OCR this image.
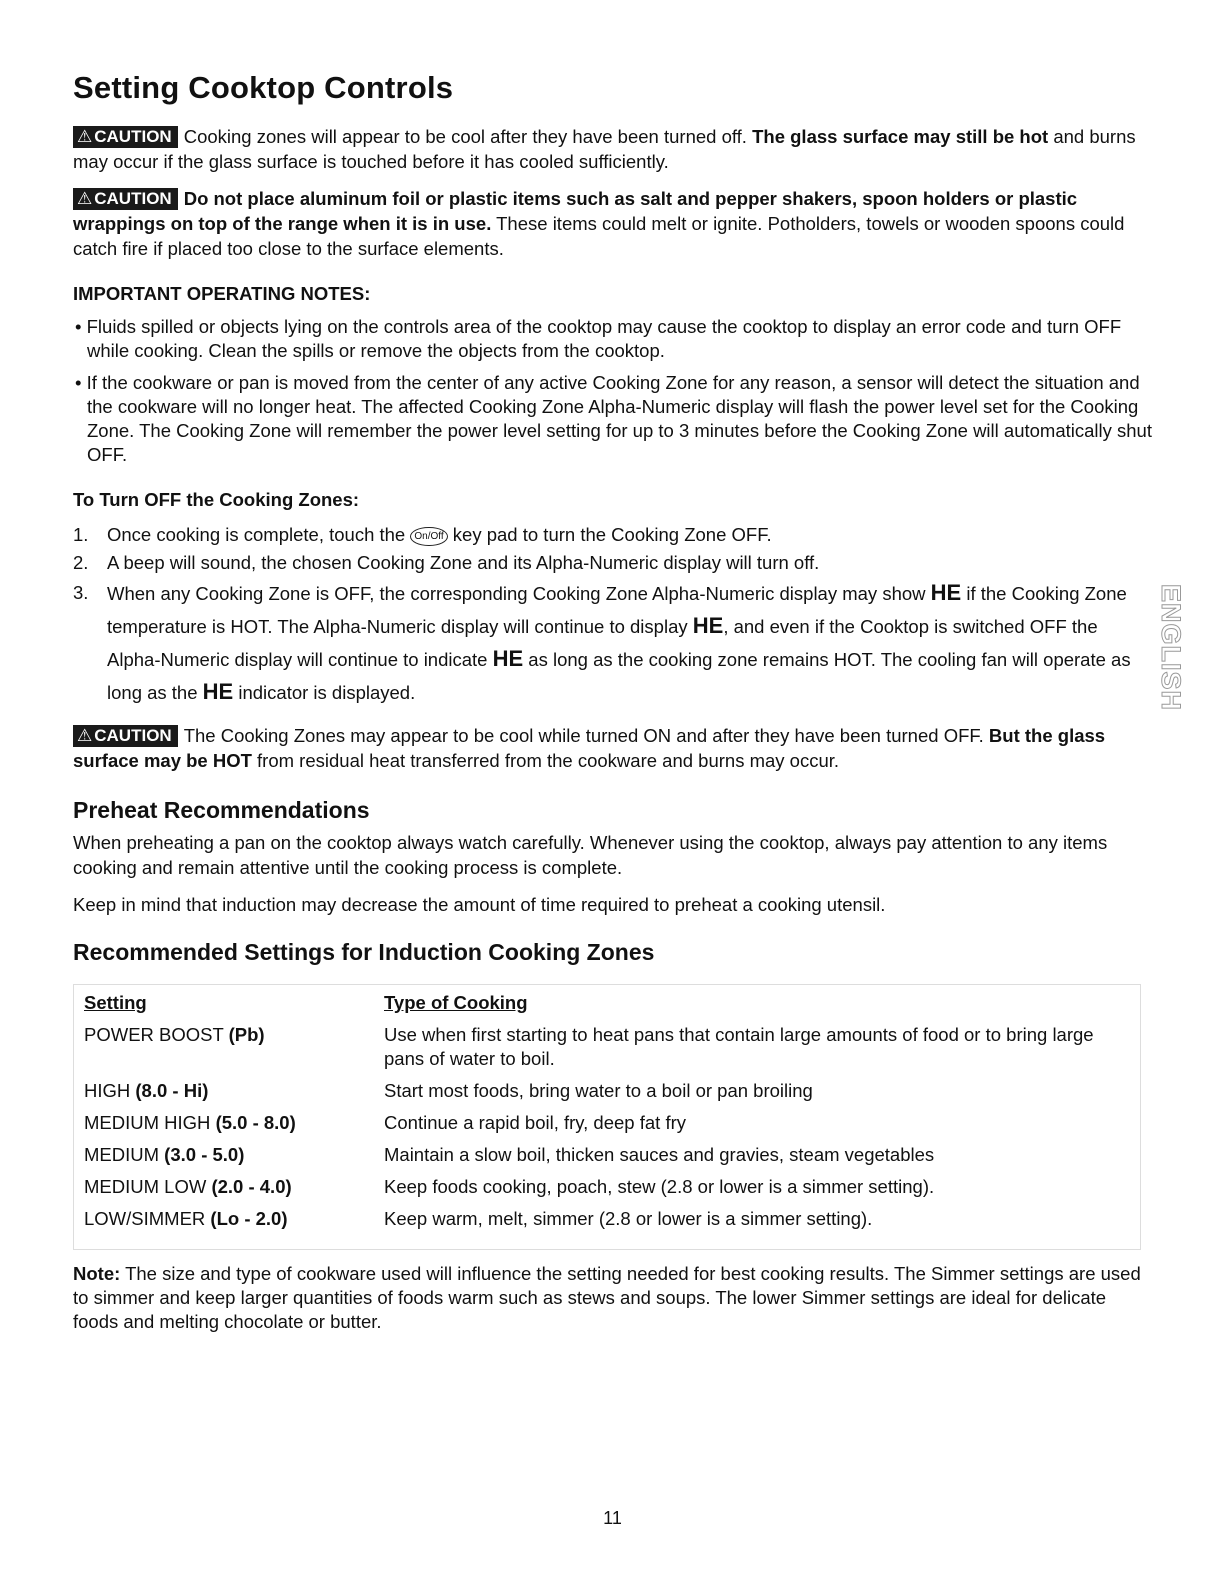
Setting Cooktop Controls

⚠ CAUTION Cooking zones will appear to be cool after they have been turned off. The glass surface may still be hot and burns may occur if the glass surface is touched before it has cooled sufficiently.

⚠ CAUTION Do not place aluminum foil or plastic items such as salt and pepper shakers, spoon holders or plastic wrappings on top of the range when it is in use. These items could melt or ignite. Potholders, towels or wooden spoons could catch fire if placed too close to the surface elements.

IMPORTANT OPERATING NOTES:
• Fluids spilled or objects lying on the controls area of the cooktop may cause the cooktop to display an error code and turn OFF while cooking. Clean the spills or remove the objects from the cooktop.
• If the cookware or pan is moved from the center of any active Cooking Zone for any reason, a sensor will detect the situation and the cookware will no longer heat. The affected Cooking Zone Alpha-Numeric display will flash the power level set for the Cooking Zone. The Cooking Zone will remember the power level setting for up to 3 minutes before the Cooking Zone will automatically shut OFF.
To Turn OFF the Cooking Zones:
1. Once cooking is complete, touch the On/Off key pad to turn the Cooking Zone OFF.
2. A beep will sound, the chosen Cooking Zone and its Alpha-Numeric display will turn off.
3. When any Cooking Zone is OFF, the corresponding Cooking Zone Alpha-Numeric display may show HE if the Cooking Zone temperature is HOT. The Alpha-Numeric display will continue to display HE, and even if the Cooktop is switched OFF the Alpha-Numeric display will continue to indicate HE as long as the cooking zone remains HOT. The cooling fan will operate as long as the HE indicator is displayed.

⚠ CAUTION The Cooking Zones may appear to be cool while turned ON and after they have been turned OFF. But the glass surface may be HOT from residual heat transferred from the cookware and burns may occur.

Preheat Recommendations

When preheating a pan on the cooktop always watch carefully. Whenever using the cooktop, always pay attention to any items cooking and remain attentive until the cooking process is complete.

Keep in mind that induction may decrease the amount of time required to preheat a cooking utensil.

Recommended Settings for Induction Cooking Zones
Setting	Type of Cooking
POWER BOOST (Pb)	Use when first starting to heat pans that contain large amounts of food or to bring large pans of water to boil.
HIGH (8.0 - Hi)	Start most foods, bring water to a boil or pan broiling
MEDIUM HIGH (5.0 - 8.0)	Continue a rapid boil, fry, deep fat fry
MEDIUM (3.0 - 5.0)	Maintain a slow boil, thicken sauces and gravies, steam vegetables
MEDIUM LOW (2.0 - 4.0)	Keep foods cooking, poach, stew (2.8 or lower is a simmer setting).
LOW/SIMMER (Lo - 2.0)	Keep warm, melt, simmer (2.8 or lower is a simmer setting).

Note: The size and type of cookware used will influence the setting needed for best cooking results. The Simmer settings are used to simmer and keep larger quantities of foods warm such as stews and soups. The lower Simmer settings are ideal for delicate foods and melting chocolate or butter.

ENGLISH
11
